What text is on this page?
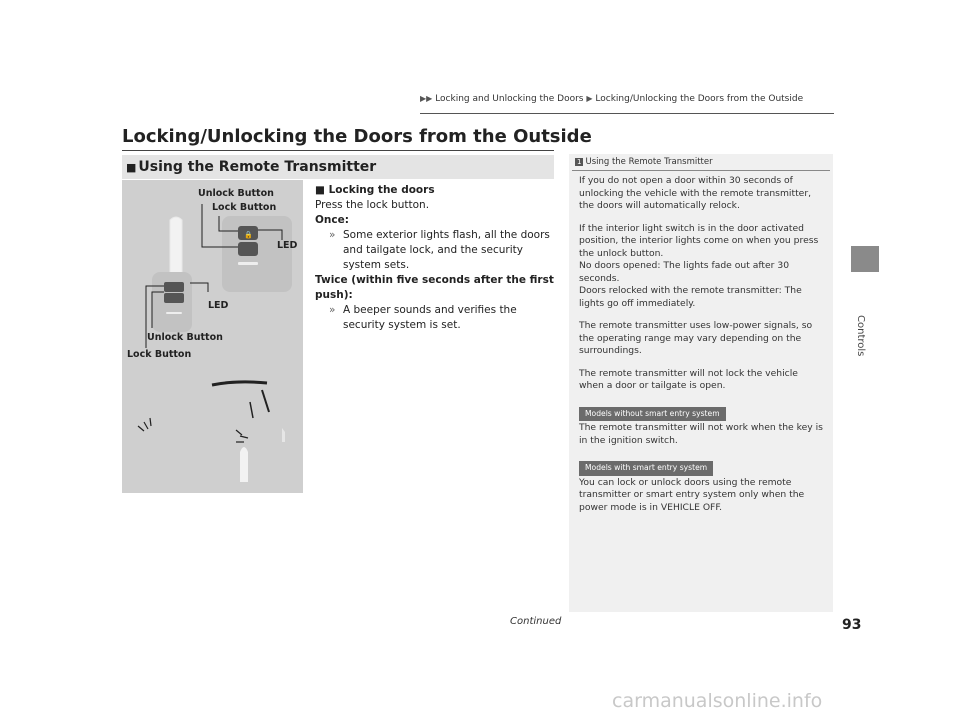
▶▶ Locking and Unlocking the Doors ▶ Locking/Unlocking the Doors from the Outside
Locking/Unlocking the Doors from the Outside
■ Using the Remote Transmitter
🔒
Unlock Button
Lock Button
LED
LED
Unlock Button
Lock Button
■ Locking the doors
Press the lock button.
Once:
» Some exterior lights flash, all the doors and tailgate lock, and the security system sets.
Twice (within five seconds after the first push):
» A beeper sounds and verifies the security system is set.
1 Using the Remote Transmitter

If you do not open a door within 30 seconds of unlocking the vehicle with the remote transmitter, the doors will automatically relock.

If the interior light switch is in the door activated position, the interior lights come on when you press the unlock button.

No doors opened: The lights fade out after 30 seconds.

Doors relocked with the remote transmitter: The lights go off immediately.

The remote transmitter uses low-power signals, so the operating range may vary depending on the surroundings.

The remote transmitter will not lock the vehicle when a door or tailgate is open.

Models without smart entry system

The remote transmitter will not work when the key is in the ignition switch.

Models with smart entry system

You can lock or unlock doors using the remote transmitter or smart entry system only when the power mode is in VEHICLE OFF.

Controls
Continued	93
carmanualsonline.info
